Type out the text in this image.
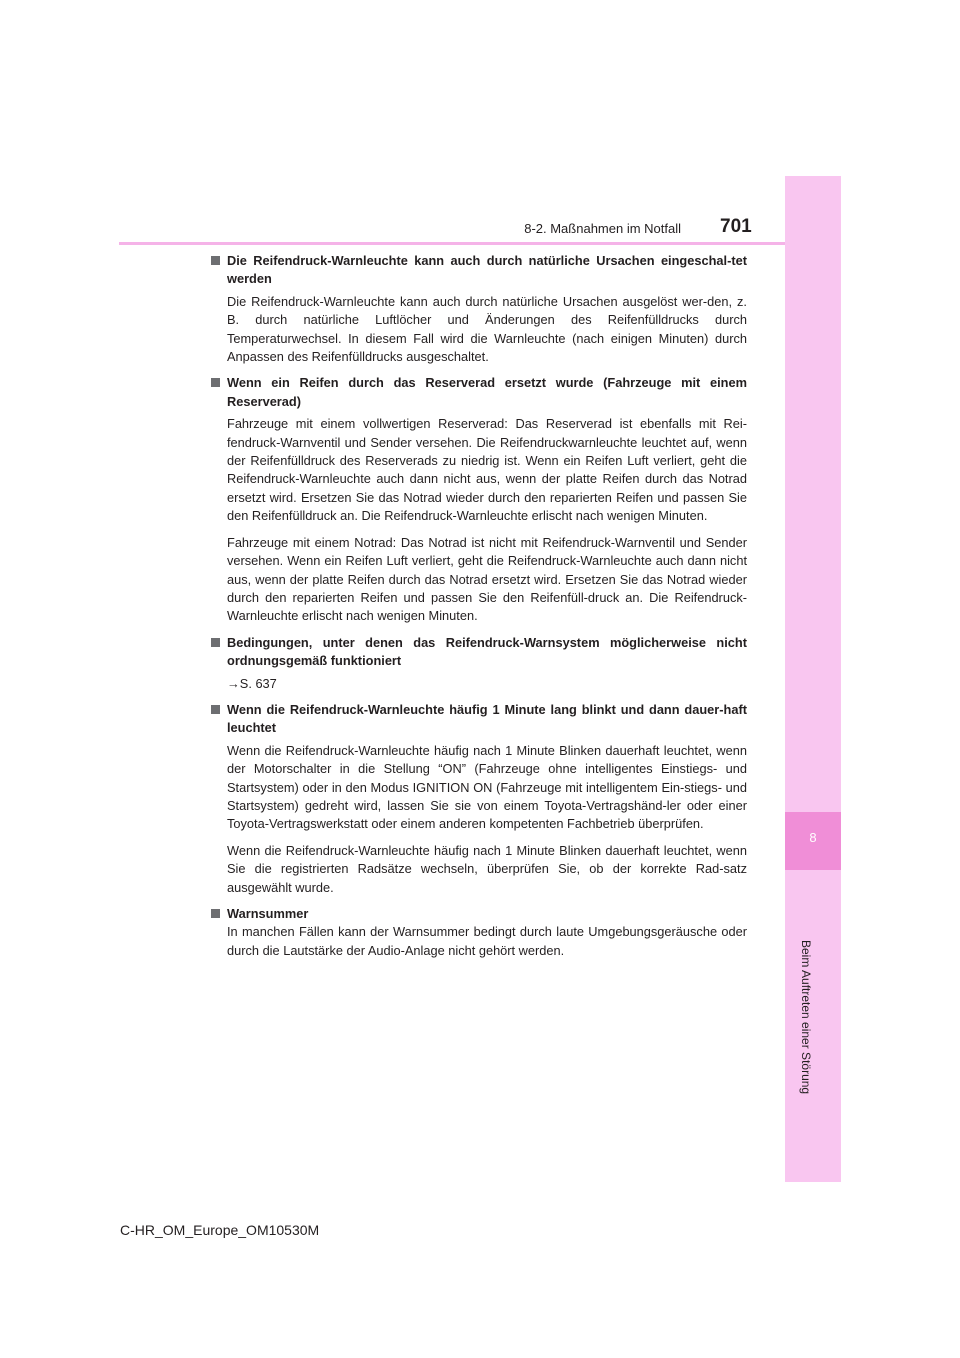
8-2. Maßnahmen im Notfall 701
8
Beim Auftreten einer Störung
Die Reifendruck-Warnleuchte kann auch durch natürliche Ursachen eingeschal-tet werden
Die Reifendruck-Warnleuchte kann auch durch natürliche Ursachen ausgelöst wer-den, z. B. durch natürliche Luftlöcher und Änderungen des Reifenfülldrucks durch Temperaturwechsel. In diesem Fall wird die Warnleuchte (nach einigen Minuten) durch Anpassen des Reifenfülldrucks ausgeschaltet.
Wenn ein Reifen durch das Reserverad ersetzt wurde (Fahrzeuge mit einem Reserverad)
Fahrzeuge mit einem vollwertigen Reserverad: Das Reserverad ist ebenfalls mit Rei-fendruck-Warnventil und Sender versehen. Die Reifendruckwarnleuchte leuchtet auf, wenn der Reifenfülldruck des Reserverads zu niedrig ist. Wenn ein Reifen Luft verliert, geht die Reifendruck-Warnleuchte auch dann nicht aus, wenn der platte Reifen durch das Notrad ersetzt wird. Ersetzen Sie das Notrad wieder durch den reparierten Reifen und passen Sie den Reifenfülldruck an. Die Reifendruck-Warnleuchte erlischt nach wenigen Minuten.
Fahrzeuge mit einem Notrad: Das Notrad ist nicht mit Reifendruck-Warnventil und Sender versehen. Wenn ein Reifen Luft verliert, geht die Reifendruck-Warnleuchte auch dann nicht aus, wenn der platte Reifen durch das Notrad ersetzt wird. Ersetzen Sie das Notrad wieder durch den reparierten Reifen und passen Sie den Reifenfüll-druck an. Die Reifendruck-Warnleuchte erlischt nach wenigen Minuten.
Bedingungen, unter denen das Reifendruck-Warnsystem möglicherweise nicht ordnungsgemäß funktioniert
→S. 637
Wenn die Reifendruck-Warnleuchte häufig 1 Minute lang blinkt und dann dauer-haft leuchtet
Wenn die Reifendruck-Warnleuchte häufig nach 1 Minute Blinken dauerhaft leuchtet, wenn der Motorschalter in die Stellung “ON” (Fahrzeuge ohne intelligentes Einstiegs- und Startsystem) oder in den Modus IGNITION ON (Fahrzeuge mit intelligentem Ein-stiegs- und Startsystem) gedreht wird, lassen Sie sie von einem Toyota-Vertragshänd-ler oder einer Toyota-Vertragswerkstatt oder einem anderen kompetenten Fachbetrieb überprüfen.
Wenn die Reifendruck-Warnleuchte häufig nach 1 Minute Blinken dauerhaft leuchtet, wenn Sie die registrierten Radsätze wechseln, überprüfen Sie, ob der korrekte Rad-satz ausgewählt wurde.
Warnsummer
In manchen Fällen kann der Warnsummer bedingt durch laute Umgebungsgeräusche oder durch die Lautstärke der Audio-Anlage nicht gehört werden.
C-HR_OM_Europe_OM10530M
